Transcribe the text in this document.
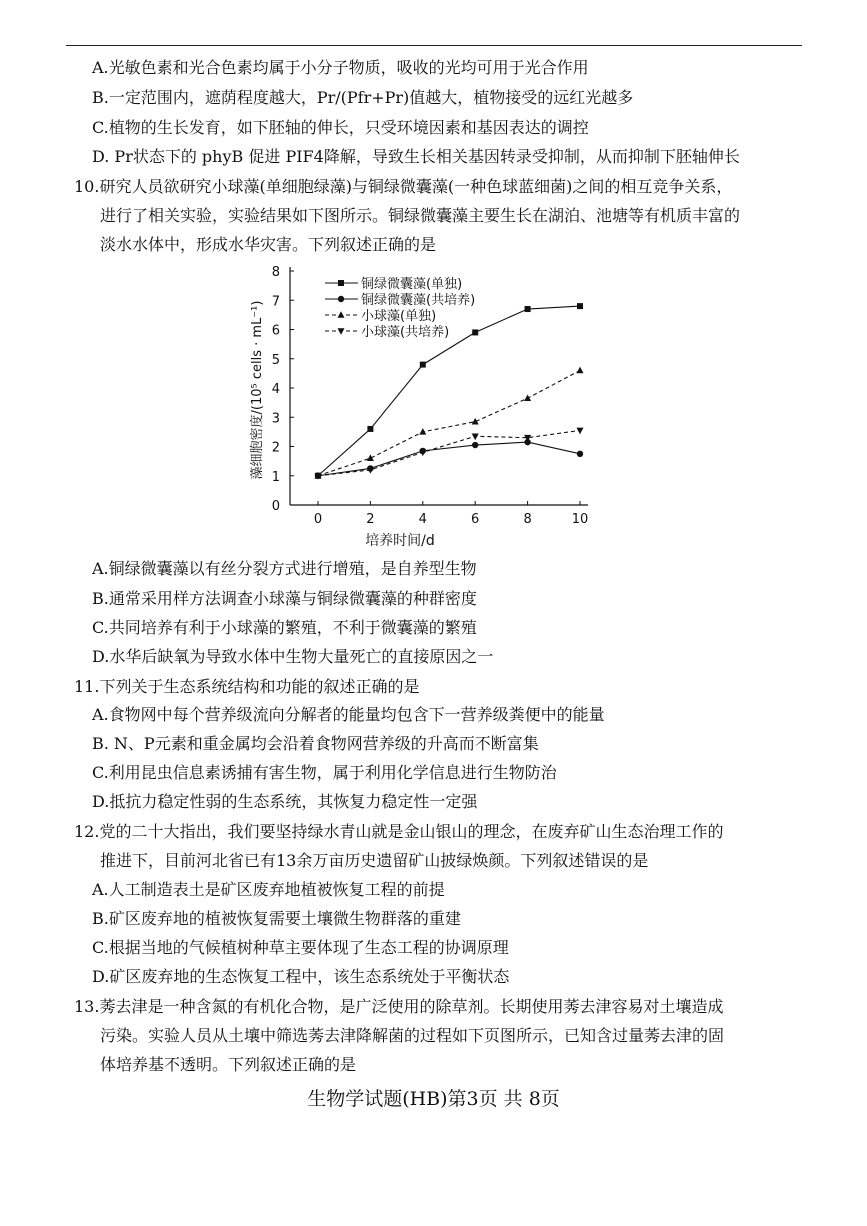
A.光敏色素和光合色素均属于小分子物质，吸收的光均可用于光合作用
B.一定范围内，遮荫程度越大，Pr/(Pfr+Pr)值越大，植物接受的远红光越多
C.植物的生长发育，如下胚轴的伸长，只受环境因素和基因表达的调控
D. Pr状态下的 phyB 促进 PIF4降解，导致生长相关基因转录受抑制，从而抑制下胚轴伸长
10.研究人员欲研究小球藻(单细胞绿藻)与铜绿微囊藻(一种色球蓝细菌)之间的相互竞争关系，
进行了相关实验，实验结果如下图所示。铜绿微囊藻主要生长在湖泊、池塘等有机质丰富的
淡水水体中，形成水华灾害。下列叙述正确的是
0
1
2
3
4
5
6
7
8
0	2	4	6	8	10
铜绿微囊藻(单独)
铜绿微囊藻(共培养)
小球藻(单独)
小球藻(共培养)
培养时间/d
藻细胞密度/(10⁵ cells · mL⁻¹)
A.铜绿微囊藻以有丝分裂方式进行增殖，是自养型生物
B.通常采用样方法调查小球藻与铜绿微囊藻的种群密度
C.共同培养有利于小球藻的繁殖，不利于微囊藻的繁殖
D.水华后缺氧为导致水体中生物大量死亡的直接原因之一
11.下列关于生态系统结构和功能的叙述正确的是
A.食物网中每个营养级流向分解者的能量均包含下一营养级粪便中的能量
B. N、P元素和重金属均会沿着食物网营养级的升高而不断富集
C.利用昆虫信息素诱捕有害生物，属于利用化学信息进行生物防治
D.抵抗力稳定性弱的生态系统，其恢复力稳定性一定强
12.党的二十大指出，我们要坚持绿水青山就是金山银山的理念，在废弃矿山生态治理工作的
推进下，目前河北省已有13余万亩历史遗留矿山披绿焕颜。下列叙述错误的是
A.人工制造表土是矿区废弃地植被恢复工程的前提
B.矿区废弃地的植被恢复需要土壤微生物群落的重建
C.根据当地的气候植树种草主要体现了生态工程的协调原理
D.矿区废弃地的生态恢复工程中，该生态系统处于平衡状态
13.莠去津是一种含氮的有机化合物，是广泛使用的除草剂。长期使用莠去津容易对土壤造成
污染。实验人员从土壤中筛选莠去津降解菌的过程如下页图所示，已知含过量莠去津的固
体培养基不透明。下列叙述正确的是
生物学试题(HB)第3页 共 8页
